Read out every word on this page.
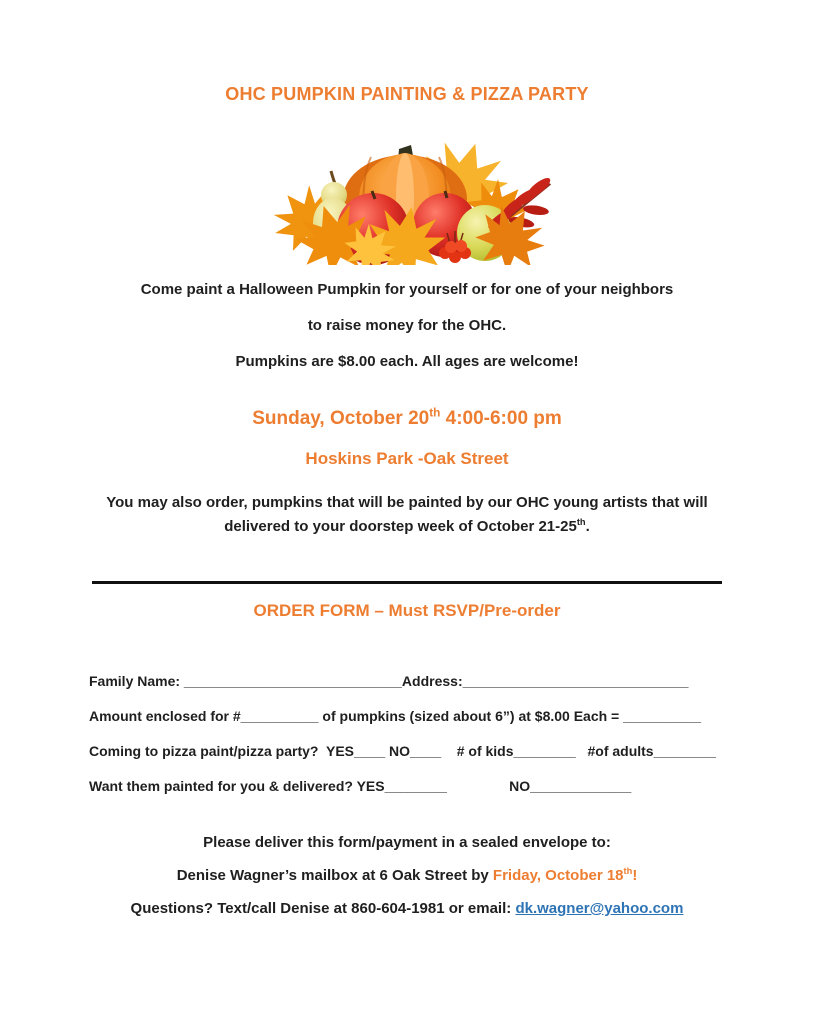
OHC PUMPKIN PAINTING & PIZZA PARTY

Come paint a Halloween Pumpkin for yourself or for one of your neighbors

to raise money for the OHC.

Pumpkins are $8.00 each. All ages are welcome!

Sunday, October 20th 4:00-6:00 pm
Hoskins Park -Oak Street

You may also order, pumpkins that will be painted by our OHC young artists that will delivered to your doorstep week of October 21-25th.

ORDER FORM – Must RSVP/Pre-order

Family Name: ____________________________Address:_____________________________

Amount enclosed for #__________ of pumpkins (sized about 6”) at $8.00 Each = __________

Coming to pizza paint/pizza party?  YES____ NO____    # of kids________   #of adults________

Want them painted for you & delivered? YES________                NO_____________

Please deliver this form/payment in a sealed envelope to:

Denise Wagner’s mailbox at 6 Oak Street by Friday, October 18th!

Questions? Text/call Denise at 860-604-1981 or email: dk.wagner@yahoo.com
